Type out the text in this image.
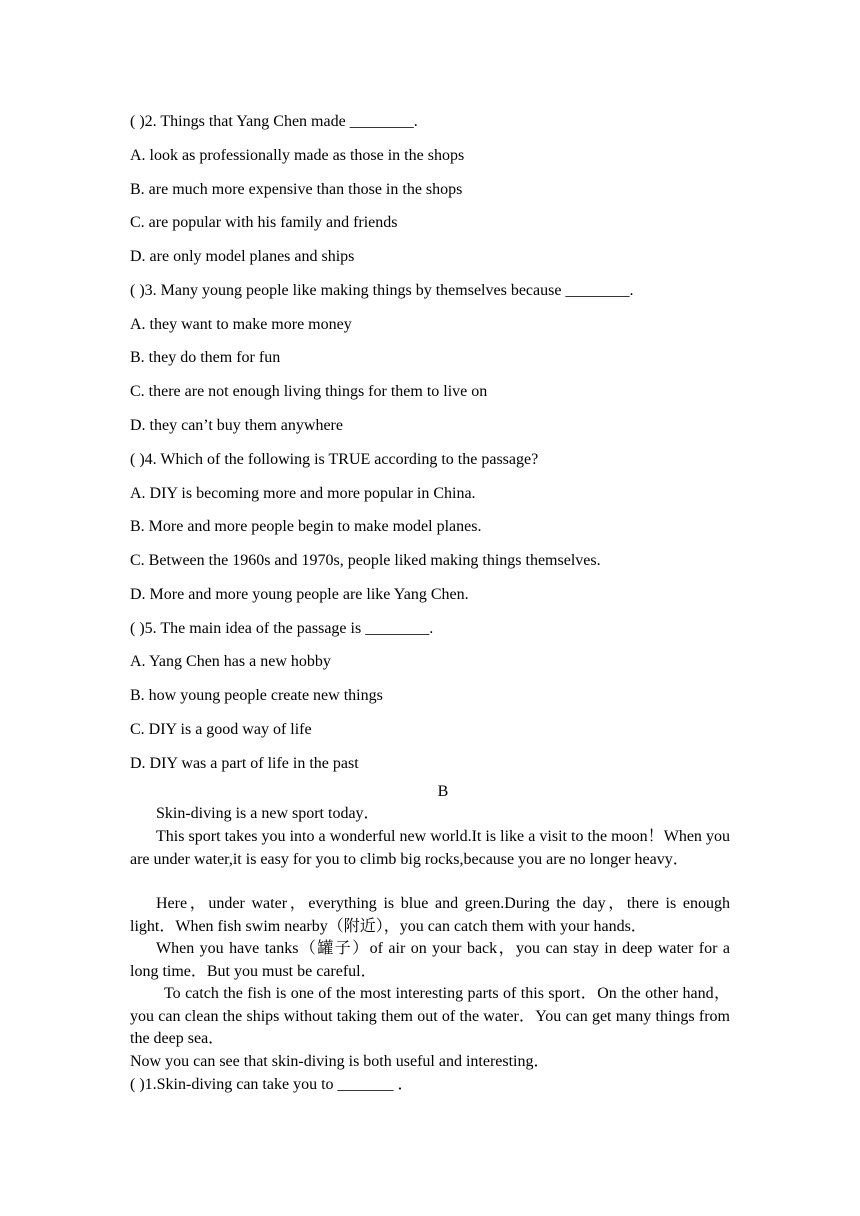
( )2. Things that Yang Chen made ________.
A. look as professionally made as those in the shops
B. are much more expensive than those in the shops
C. are popular with his family and friends
D. are only model planes and ships
( )3. Many young people like making things by themselves because ________.
A. they want to make more money
B. they do them for fun
C. there are not enough living things for them to live on
D. they can’t buy them anywhere
( )4. Which of the following is TRUE according to the passage?
A. DIY is becoming more and more popular in China.
B. More and more people begin to make model planes.
C. Between the 1960s and 1970s, people liked making things themselves.
D. More and more young people are like Yang Chen.
( )5. The main idea of the passage is ________.
A. Yang Chen has a new hobby
B. how young people create new things
C. DIY is a good way of life
D. DIY was a part of life in the past
B
Skin-diving is a new sport today．
This sport takes you into a wonderful new world.It is like a visit to the moon！When you are under water,it is easy for you to climb big rocks,because you are no longer heavy．
Here，under water，everything is blue and green.During the day，there is enough light．When fish swim nearby（附近），you can catch them with your hands．
When you have tanks（罐子）of air on your back，you can stay in deep water for a long time．But you must be careful．
To catch the fish is one of the most interesting parts of this sport．On the other hand， you can clean the ships without taking them out of the water．You can get many things from the deep sea．
Now you can see that skin-diving is both useful and interesting．
( )1.Skin-diving can take you to _______ ．
